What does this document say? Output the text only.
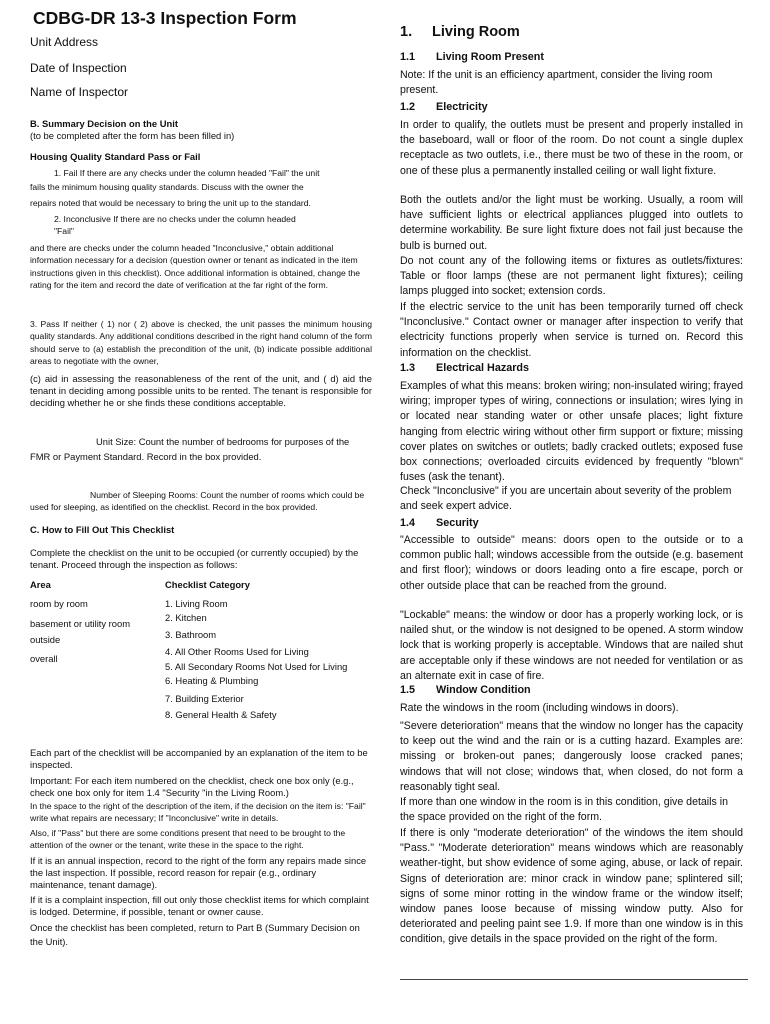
CDBG-DR 13-3 Inspection Form
Unit Address
Date of Inspection
Name of Inspector
B. Summary Decision on the Unit
(to be completed after the form has been filled in)
Housing Quality Standard Pass or Fail
1. Fail If there are any checks under the column headed "Fail" the unit
fails the minimum housing quality standards. Discuss with the owner the
repairs noted that would be necessary to bring the unit up to the standard.
2. Inconclusive If there are no checks under the column headed
"Fail"

and there are checks under the column headed "Inconclusive," obtain additional information necessary for a decision (question owner or tenant as indicated in the item instructions given in this checklist). Once additional information is obtained, change the rating for the item and record the date of verification at the far right of the form.

3. Pass If neither ( 1) nor ( 2) above is checked, the unit passes the minimum housing quality standards. Any additional conditions described in the right hand column of the form should serve to (a) establish the precondition of the unit, (b) indicate possible additional areas to negotiate with the owner,

(c) aid in assessing the reasonableness of the rent of the unit, and ( d) aid the tenant in deciding among possible units to be rented. The tenant is responsible for deciding whether he or she finds these conditions acceptable.

Unit Size: Count the number of bedrooms for purposes of the
FMR or Payment Standard. Record in the box provided.

Number of Sleeping Rooms: Count the number of rooms which could be used for sleeping, as identified on the checklist. Record in the box provided.

C. How to Fill Out This Checklist

Complete the checklist on the unit to be occupied (or currently occupied) by the tenant. Proceed through the inspection as follows:

Area	Checklist Category
room by room
basement or utility room
outside
overall
1. Living Room
2. Kitchen
3. Bathroom
4. All Other Rooms Used for Living
5. All Secondary Rooms Not Used for Living
6. Heating & Plumbing
7. Building Exterior
8. General Health & Safety

Each part of the checklist will be accompanied by an explanation of the item to be inspected.

Important: For each item numbered on the checklist, check one box only (e.g., check one box only for item 1.4 "Security "in the Living Room.)

In the space to the right of the description of the item, if the decision on the item is: "Fail" write what repairs are necessary; If "Inconclusive" write in details.

Also, if "Pass" but there are some conditions present that need to be brought to the attention of the owner or the tenant, write these in the space to the right.

If it is an annual inspection, record to the right of the form any repairs made since the last inspection. If possible, record reason for repair (e.g., ordinary maintenance, tenant damage).

If it is a complaint inspection, fill out only those checklist items for which complaint is lodged. Determine, if possible, tenant or owner cause.

Once the checklist has been completed, return to Part B (Summary Decision on the Unit).

1. Living Room
1.1 Living Room Present

Note: If the unit is an efficiency apartment, consider the living room present.

1.2 Electricity

In order to qualify, the outlets must be present and properly installed in the baseboard, wall or floor of the room. Do not count a single duplex receptacle as two outlets, i.e., there must be two of these in the room, or one of these plus a permanently installed ceiling or wall light fixture.

Both the outlets and/or the light must be working. Usually, a room will have sufficient lights or electrical appliances plugged into outlets to determine workability. Be sure light fixture does not fail just because the bulb is burned out.

Do not count any of the following items or fixtures as outlets/fixtures: Table or floor lamps (these are not permanent light fixtures); ceiling lamps plugged into socket; extension cords.

If the electric service to the unit has been temporarily turned off check "Inconclusive." Contact owner or manager after inspection to verify that electricity functions properly when service is turned on. Record this information on the checklist.

1.3 Electrical Hazards

Examples of what this means: broken wiring; non-insulated wiring; frayed wiring; improper types of wiring, connections or insulation; wires lying in or located near standing water or other unsafe places; light fixture hanging from electric wiring without other firm support or fixture; missing cover plates on switches or outlets; badly cracked outlets; exposed fuse box connections; overloaded circuits evidenced by frequently "blown" fuses (ask the tenant).

Check "Inconclusive" if you are uncertain about severity of the problem and seek expert advice.

1.4 Security

"Accessible to outside" means: doors open to the outside or to a common public hall; windows accessible from the outside (e.g. basement and first floor); windows or doors leading onto a fire escape, porch or other outside place that can be reached from the ground.

"Lockable" means: the window or door has a properly working lock, or is nailed shut, or the window is not designed to be opened. A storm window lock that is working properly is acceptable. Windows that are nailed shut are acceptable only if these windows are not needed for ventilation or as an alternate exit in case of fire.

1.5 Window Condition

Rate the windows in the room (including windows in doors).

"Severe deterioration" means that the window no longer has the capacity to keep out the wind and the rain or is a cutting hazard. Examples are: missing or broken-out panes; dangerously loose cracked panes; windows that will not close; windows that, when closed, do not form a reasonably tight seal.

If more than one window in the room is in this condition, give details in the space provided on the right of the form.

If there is only "moderate deterioration" of the windows the item should "Pass." "Moderate deterioration" means windows which are reasonably weather-tight, but show evidence of some aging, abuse, or lack of repair. Signs of deterioration are: minor crack in window pane; splintered sill; signs of some minor rotting in the window frame or the window itself; window panes loose because of missing window putty. Also for deteriorated and peeling paint see 1.9. If more than one window is in this condition, give details in the space provided on the right of the form.
